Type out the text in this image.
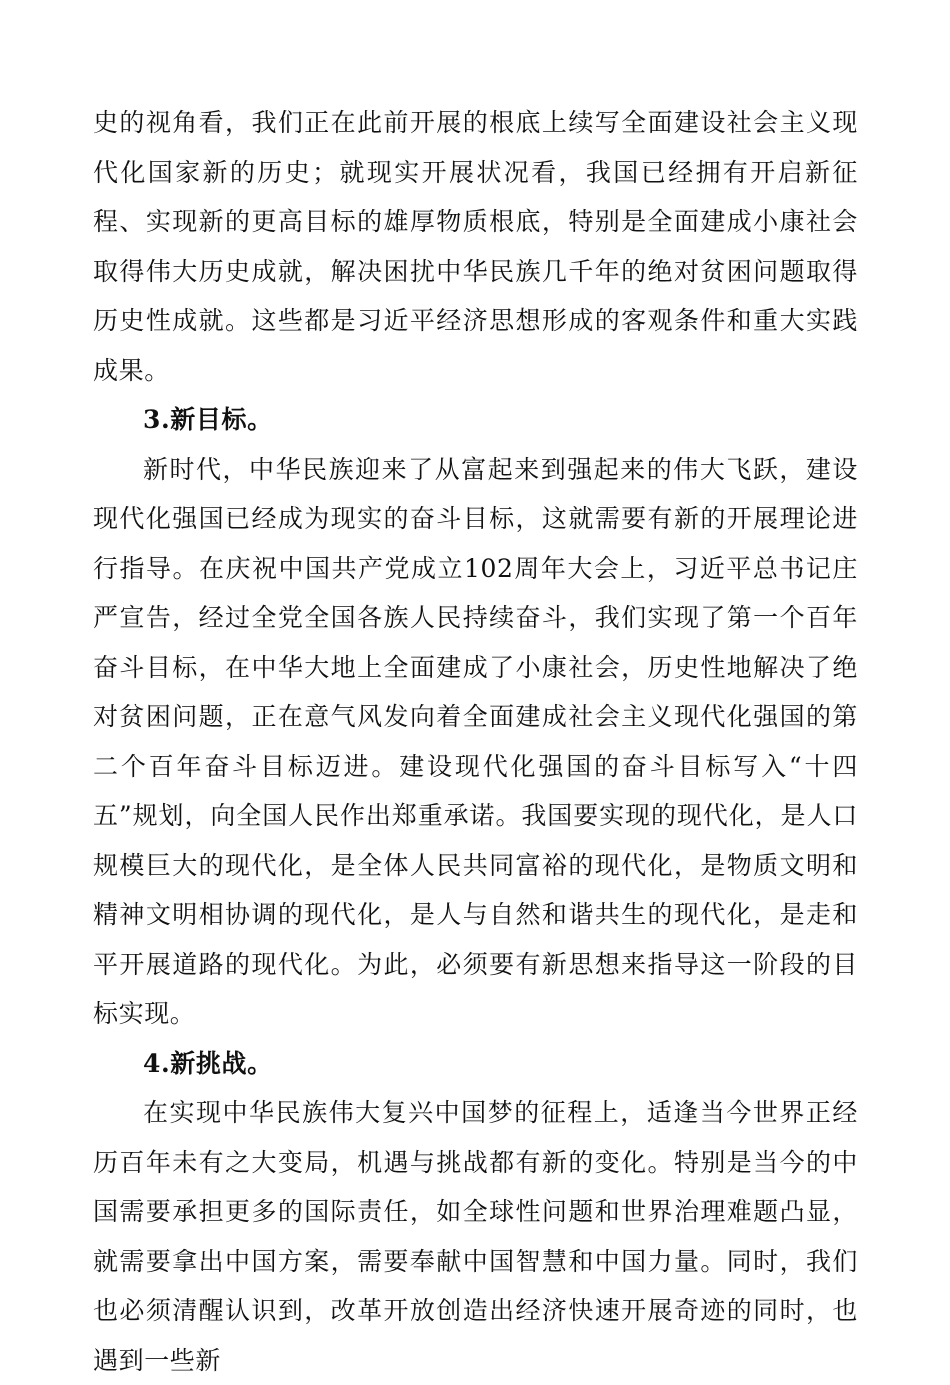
史的视角看，我们正在此前开展的根底上续写全面建设社会主义现代化国家新的历史；就现实开展状况看，我国已经拥有开启新征程、实现新的更高目标的雄厚物质根底，特别是全面建成小康社会取得伟大历史成就，解决困扰中华民族几千年的绝对贫困问题取得历史性成就。这些都是习近平经济思想形成的客观条件和重大实践成果。

3.新目标。

新时代，中华民族迎来了从富起来到强起来的伟大飞跃，建设现代化强国已经成为现实的奋斗目标，这就需要有新的开展理论进行指导。在庆祝中国共产党成立102周年大会上，习近平总书记庄严宣告，经过全党全国各族人民持续奋斗，我们实现了第一个百年奋斗目标，在中华大地上全面建成了小康社会，历史性地解决了绝对贫困问题，正在意气风发向着全面建成社会主义现代化强国的第二个百年奋斗目标迈进。建设现代化强国的奋斗目标写入“十四五”规划，向全国人民作出郑重承诺。我国要实现的现代化，是人口规模巨大的现代化，是全体人民共同富裕的现代化，是物质文明和精神文明相协调的现代化，是人与自然和谐共生的现代化，是走和平开展道路的现代化。为此，必须要有新思想来指导这一阶段的目标实现。

4.新挑战。

在实现中华民族伟大复兴中国梦的征程上，适逢当今世界正经历百年未有之大变局，机遇与挑战都有新的变化。特别是当今的中国需要承担更多的国际责任，如全球性问题和世界治理难题凸显，就需要拿出中国方案，需要奉献中国智慧和中国力量。同时，我们也必须清醒认识到，改革开放创造出经济快速开展奇迹的同时，也遇到一些新
